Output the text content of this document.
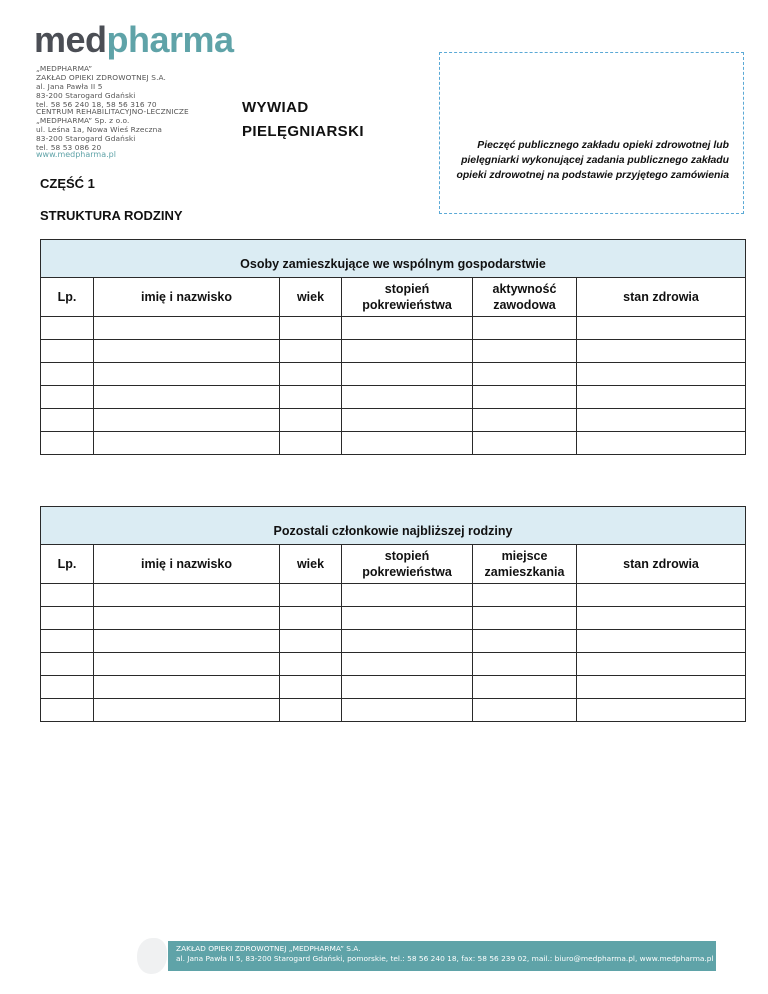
medpharma
„MEDPHARMA”
ZAKŁAD OPIEKI ZDROWOTNEJ S.A.
al. Jana Pawła II 5
83-200 Starogard Gdański
tel. 58 56 240 18, 58 56 316 70
CENTRUM REHABILITACYJNO-LECZNICZE
„MEDPHARMA” Sp. z o.o.
ul. Leśna 1a, Nowa Wieś Rzeczna
83-200 Starogard Gdański
tel. 58 53 086 20
www.medpharma.pl
WYWIAD
PIELĘGNIARSKI
Pieczęć publicznego zakładu opieki zdrowotnej lub
pielęgniarki wykonującej zadania publicznego zakładu
opieki zdrowotnej na podstawie przyjętego zamówienia
CZĘŚĆ 1
STRUKTURA RODZINY
Osoby zamieszkujące we wspólnym gospodarstwie					
Lp.	imię i nazwisko	wiek	stopień pokrewieństwa	aktywność zawodowa	stan zdrowia

Pozostali członkowie najbliższej rodziny					
Lp.	imię i nazwisko	wiek	stopień pokrewieństwa	miejsce zamieszkania	stan zdrowia

ZAKŁAD OPIEKI ZDROWOTNEJ „MEDPHARMA” S.A.
al. Jana Pawła II 5, 83-200 Starogard Gdański, pomorskie, tel.: 58 56 240 18, fax: 58 56 239 02, mail.: biuro@medpharma.pl, www.medpharma.pl
